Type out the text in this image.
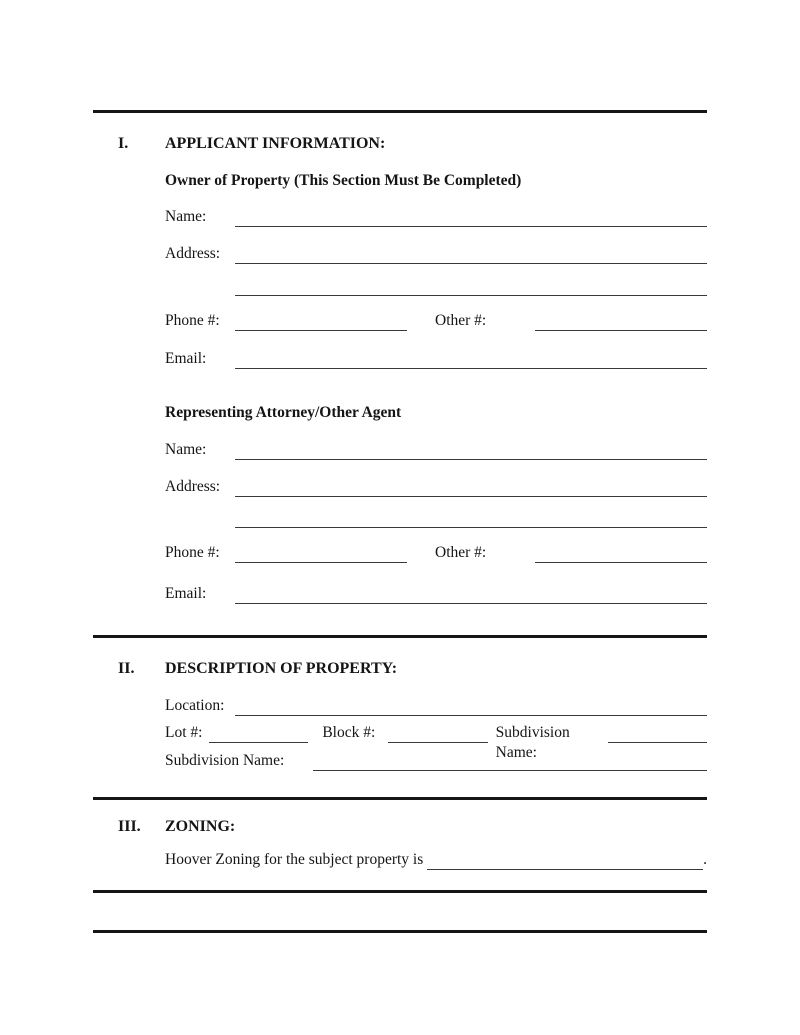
I.	APPLICANT INFORMATION:
Owner of Property (This Section Must Be Completed)
Name:
Address:
Phone #:	Other #:
Email:
Representing Attorney/Other Agent
Name:
Address:
Phone #:	Other #:
Email:
II.	DESCRIPTION OF PROPERTY:
Location:
Lot #:	Block #:	Subdivision Name:
Subdivision Name:
III.	ZONING:
Hoover Zoning for the subject property is	.
